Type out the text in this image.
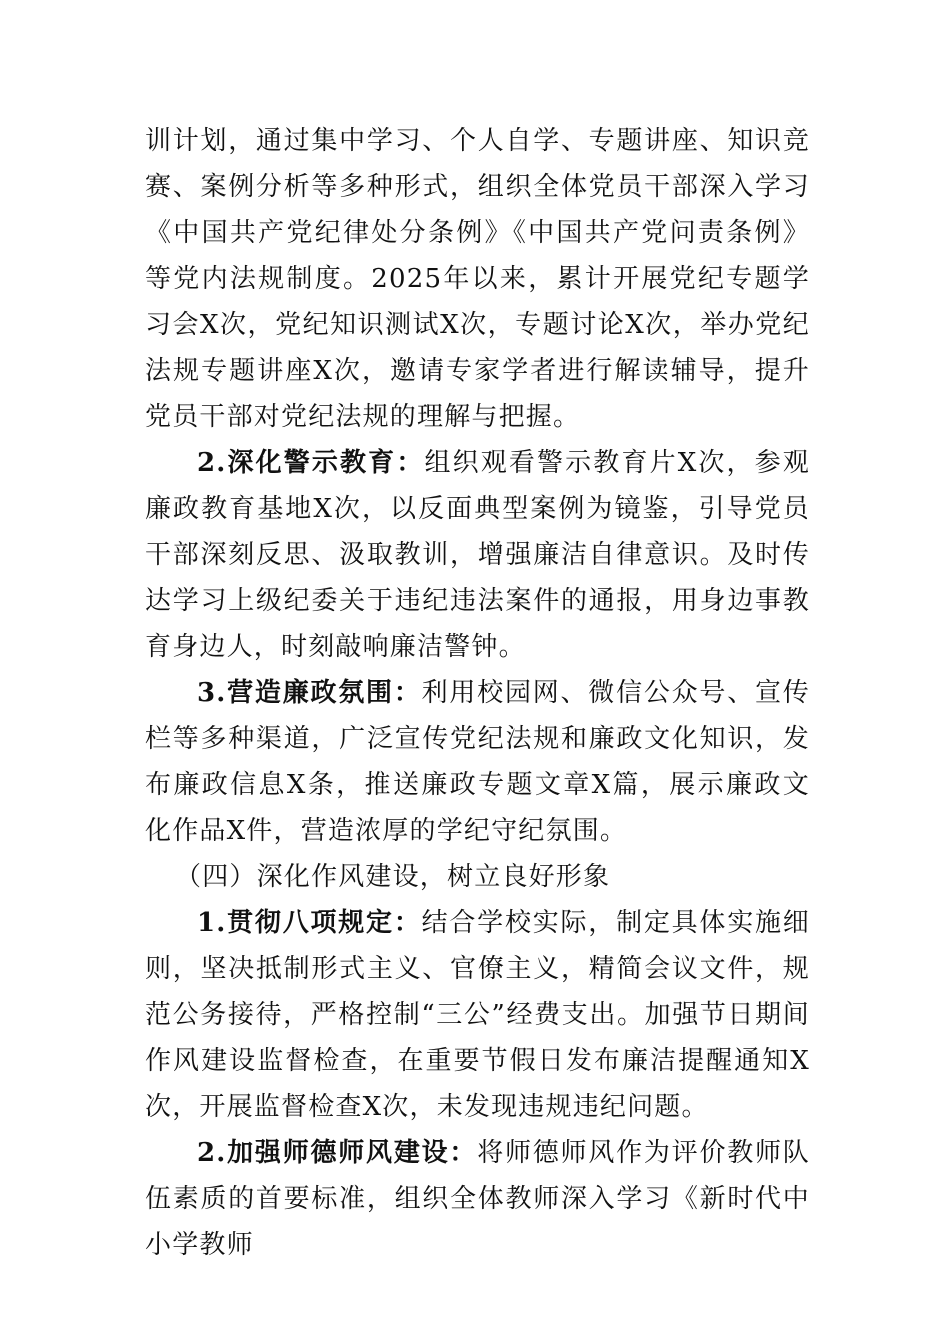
训计划，通过集中学习、个人自学、专题讲座、知识竞赛、案例分析等多种形式，组织全体党员干部深入学习《中国共产党纪律处分条例》《中国共产党问责条例》等党内法规制度。2025年以来，累计开展党纪专题学习会X次，党纪知识测试X次，专题讨论X次，举办党纪法规专题讲座X次，邀请专家学者进行解读辅导，提升党员干部对党纪法规的理解与把握。

2.深化警示教育：组织观看警示教育片X次，参观廉政教育基地X次，以反面典型案例为镜鉴，引导党员干部深刻反思、汲取教训，增强廉洁自律意识。及时传达学习上级纪委关于违纪违法案件的通报，用身边事教育身边人，时刻敲响廉洁警钟。

3.营造廉政氛围：利用校园网、微信公众号、宣传栏等多种渠道，广泛宣传党纪法规和廉政文化知识，发布廉政信息X条，推送廉政专题文章X篇，展示廉政文化作品X件，营造浓厚的学纪守纪氛围。

（四）深化作风建设，树立良好形象

1.贯彻八项规定：结合学校实际，制定具体实施细则，坚决抵制形式主义、官僚主义，精简会议文件，规范公务接待，严格控制“三公”经费支出。加强节日期间作风建设监督检查，在重要节假日发布廉洁提醒通知X次，开展监督检查X次，未发现违规违纪问题。

2.加强师德师风建设：将师德师风作为评价教师队伍素质的首要标准，组织全体教师深入学习《新时代中小学教师
